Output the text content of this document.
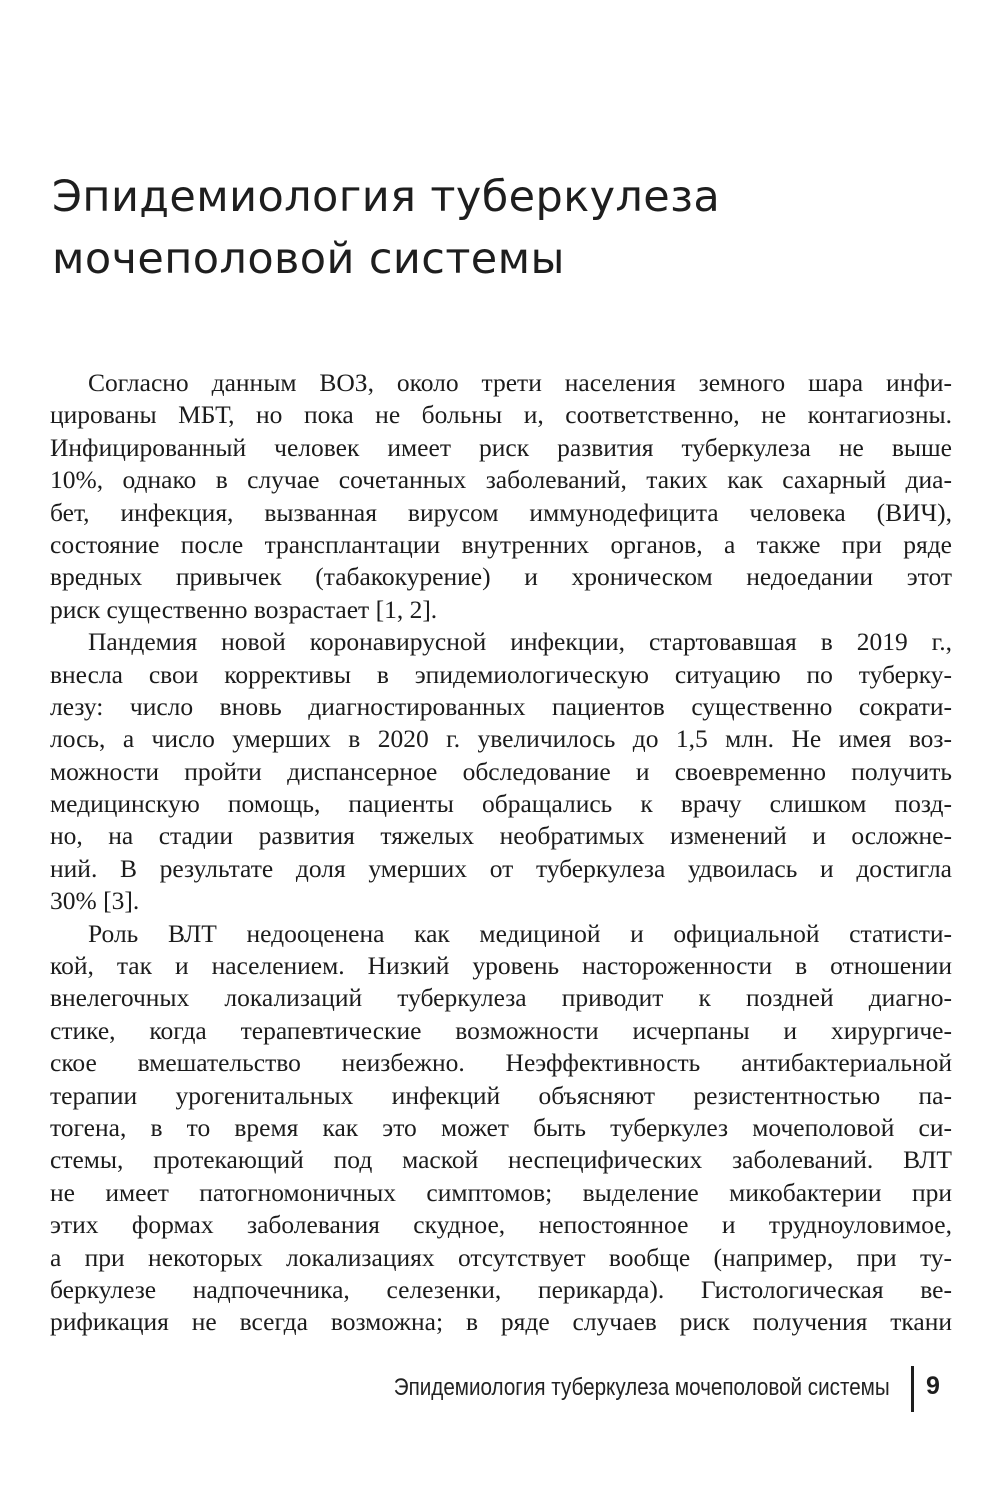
Эпидемиология туберкулеза
мочеполовой системы

Согласно данным ВОЗ, около трети населения земного шара инфи-
цированы МБТ, но пока не больны и, соответственно, не контагиозны.
Инфицированный человек имеет риск развития туберкулеза не выше
10%, однако в случае сочетанных заболеваний, таких как сахарный диа-
бет, инфекция, вызванная вирусом иммунодефицита человека (ВИЧ),
состояние после трансплантации внутренних органов, а также при ряде
вредных привычек (табакокурение) и хроническом недоедании этот
риск существенно возрастает [1, 2].

Пандемия новой коронавирусной инфекции, стартовавшая в 2019 г.,
внесла свои коррективы в эпидемиологическую ситуацию по туберку-
лезу: число вновь диагностированных пациентов существенно сократи-
лось, а число умерших в 2020 г. увеличилось до 1,5 млн. Не имея воз-
можности пройти диспансерное обследование и своевременно получить
медицинскую помощь, пациенты обращались к врачу слишком позд-
но, на стадии развития тяжелых необратимых изменений и осложне-
ний. В результате доля умерших от туберкулеза удвоилась и достигла
30% [3].

Роль ВЛТ недооценена как медициной и официальной статисти-
кой, так и населением. Низкий уровень настороженности в отношении
внелегочных локализаций туберкулеза приводит к поздней диагно-
стике, когда терапевтические возможности исчерпаны и хирургиче-
ское вмешательство неизбежно. Неэффективность антибактериальной
терапии урогенитальных инфекций объясняют резистентностью па-
тогена, в то время как это может быть туберкулез мочеполовой си-
стемы, протекающий под маской неспецифических заболеваний. ВЛТ
не имеет патогномоничных симптомов; выделение микобактерии при
этих формах заболевания скудное, непостоянное и трудноуловимое,
а при некоторых локализациях отсутствует вообще (например, при ту-
беркулезе надпочечника, селезенки, перикарда). Гистологическая ве-
рификация не всегда возможна; в ряде случаев риск получения ткани

Эпидемиология туберкулеза мочеполовой системы 9
